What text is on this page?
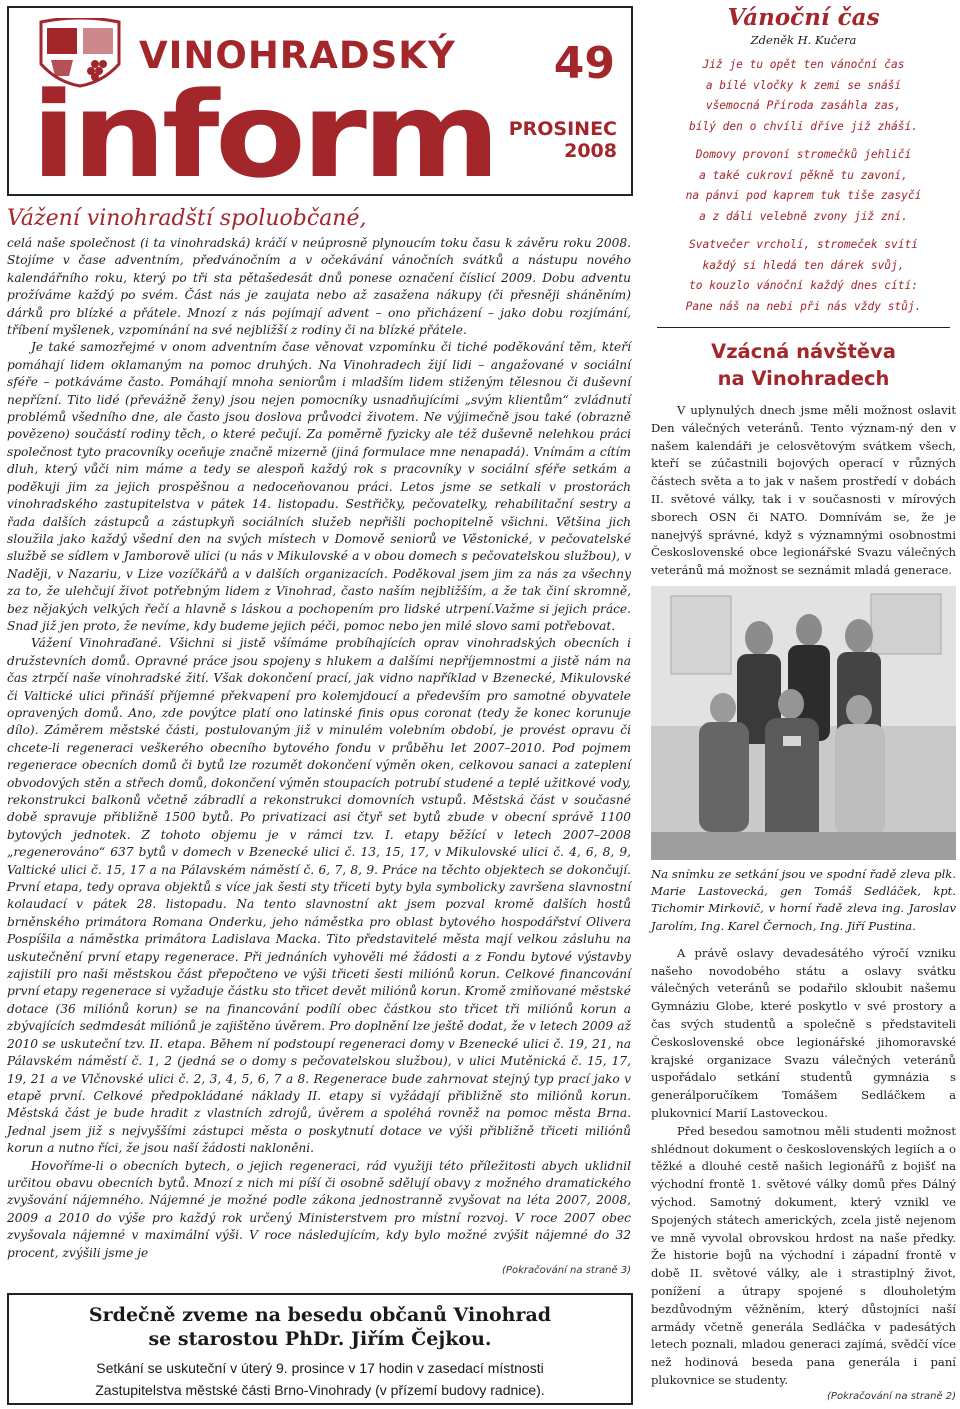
VINOHRADSKÝ
inform
49
PROSINEC
2008
Vážení vinohradští spoluobčané,

celá naše společnost (i ta vinohradská) kráčí v neúprosně plynoucím toku času k závěru roku 2008. Stojíme v čase adventním, předvánočním a v očekávání vánočních svátků a nástupu nového kalendářního roku, který po tři sta pětašedesát dnů ponese označení číslicí 2009. Dobu adventu prožíváme každý po svém. Část nás je zaujata nebo až zasažena nákupy (či přesněji sháněním) dárků pro blízké a přátele. Mnozí z nás pojímají advent – ono přicházení – jako dobu rozjímání, tříbení myšlenek, vzpomínání na své nejbližší z rodiny či na blízké přátele.

Je také samozřejmé v onom adventním čase věnovat vzpomínku či tiché poděkování těm, kteří pomáhají lidem oklamaným na pomoc druhých. Na Vinohradech žijí lidi – angažované v sociální sféře – potkáváme často. Pomáhají mnoha seniorům i mladším lidem stiženým tělesnou či duševní nepřízní. Tito lidé (převážně ženy) jsou nejen pomocníky usnadňujícími „svým klientům“ zvládnutí problémů všedního dne, ale často jsou doslova průvodci životem. Ne výjimečně jsou také (obrazně povězeno) součástí rodiny těch, o které pečují. Za poměrně fyzicky ale též duševně nelehkou práci společnost tyto pracovníky oceňuje značně mizerně (jiná formulace mne nenapadá). Vnímám a cítím dluh, který vůči nim máme a tedy se alespoň každý rok s pracovníky v sociální sféře setkám a poděkuji jim za jejich prospěšnou a nedoceňovanou práci. Letos jsme se setkali v prostorách vinohradského zastupitelstva v pátek 14. listopadu. Sestřičky, pečovatelky, rehabilitační sestry a řada dalších zástupců a zástupkyň sociálních služeb nepřišli pochopitelně všichni. Většina jich sloužila jako každý všední den na svých místech v Domově seniorů ve Věstonické, v pečovatelské službě se sídlem v Jamborově ulici (u nás v Mikulovské a v obou domech s pečovatelskou službou), v Naději, v Nazariu, v Lize vozíčkářů a v dalších organizacích. Poděkoval jsem jim za nás za všechny za to, že ulehčují život potřebným lidem z Vinohrad, často naším nejbližším, a že tak činí skromně, bez nějakých velkých řečí a hlavně s láskou a pochopením pro lidské utrpení.Važme si jejich práce. Snad již jen proto, že nevíme, kdy budeme jejich péči, pomoc nebo jen milé slovo sami potřebovat.

Vážení Vinohraďané. Všichni si jistě všímáme probíhajících oprav vinohradských obecních i družstevních domů. Opravné práce jsou spojeny s hlukem a dalšími nepříjemnostmi a jistě nám na čas ztrpčí naše vinohradské žití. Však dokončení prací, jak vidno například v Bzenecké, Mikulovské či Valtické ulici přináší příjemné překvapení pro kolemjdoucí a především pro samotné obyvatele opravených domů. Ano, zde povýtce platí ono latinské finis opus coronat (tedy že konec korunuje dílo). Záměrem městské části, postulovaným již v minulém volebním období, je provést opravu či chcete-li regeneraci veškerého obecního bytového fondu v průběhu let 2007–2010. Pod pojmem regenerace obecních domů či bytů lze rozumět dokončení výměn oken, celkovou sanaci a zateplení obvodových stěn a střech domů, dokončení výměn stoupacích potrubí studené a teplé užitkové vody, rekonstrukci balkonů včetně zábradlí a rekonstrukci domovních vstupů. Městská část v současné době spravuje přibližně 1500 bytů. Po privatizaci asi čtyř set bytů zbude v obecní správě 1100 bytových jednotek. Z tohoto objemu je v rámci tzv. I. etapy běžící v letech 2007–2008 „regenerováno“ 637 bytů v domech v Bzenecké ulici č. 13, 15, 17, v Mikulovské ulici č. 4, 6, 8, 9, Valtické ulici č. 15, 17 a na Pálavském náměstí č. 6, 7, 8, 9. Práce na těchto objektech se dokončují. První etapa, tedy oprava objektů s více jak šesti sty třiceti byty byla symbolicky završena slavnostní kolaudací v pátek 28. listopadu. Na tento slavnostní akt jsem pozval kromě dalších hostů brněnského primátora Romana Onderku, jeho náměstka pro oblast bytového hospodářství Olivera Pospíšila a náměstka primátora Ladislava Macka. Tito představitelé města mají velkou zásluhu na uskutečnění první etapy regenerace. Při jednáních vyhověli mé žádosti a z Fondu bytové výstavby zajistili pro naši městskou část přepočteno ve výši třiceti šesti miliónů korun. Celkové financování první etapy regenerace si vyžaduje částku sto třicet devět miliónů korun. Kromě zmiňované městské dotace (36 miliónů korun) se na financování podílí obec částkou sto třicet tři miliónů korun a zbývajících sedmdesát miliónů je zajištěno úvěrem. Pro doplnění lze ještě dodat, že v letech 2009 až 2010 se uskuteční tzv. II. etapa. Během ní podstoupí regeneraci domy v Bzenecké ulici č. 19, 21, na Pálavském náměstí č. 1, 2 (jedná se o domy s pečovatelskou službou), v ulici Mutěnická č. 15, 17, 19, 21 a ve Vlčnovské ulici č. 2, 3, 4, 5, 6, 7 a 8. Regenerace bude zahrnovat stejný typ prací jako v etapě první. Celkové předpokládané náklady II. etapy si vyžádají přibližně sto miliónů korun. Městská část je bude hradit z vlastních zdrojů, úvěrem a spoléhá rovněž na pomoc města Brna. Jednal jsem již s nejvyššími zástupci města o poskytnutí dotace ve výši přibližně třiceti miliónů korun a nutno říci, že jsou naší žádosti nakloněni.

Hovoříme-li o obecních bytech, o jejich regeneraci, rád využiji této příležitosti abych uklidnil určitou obavu obecních bytů. Mnozí z nich mi píší či osobně sdělují obavy z možného dramatického zvyšování nájemného. Nájemné je možné podle zákona jednostranně zvyšovat na léta 2007, 2008, 2009 a 2010 do výše pro každý rok určený Ministerstvem pro místní rozvoj. V roce 2007 obec zvyšovala nájemné v maximální výši. V roce následujícím, kdy bylo možné zvýšit nájemné do 32 procent, zvýšili jsme je

(Pokračování na straně 3)
Srdečně zveme na besedu občanů Vinohrad
se starostou PhDr. Jiřím Čejkou.
Setkání se uskuteční v úterý 9. prosince v 17 hodin v zasedací místnosti
Zastupitelstva městské části Brno-Vinohrady (v přízemí budovy radnice).
Vánoční čas
Zdeněk H. Kučera
Již je tu opět ten vánoční čas
a bílé vločky k zemi se snáší
všemocná Příroda zasáhla zas,
bílý den o chvíli dříve již zháší.
Domovy provoní stromečků jehličí
a také cukroví pěkně tu zavoní,
na pánvi pod kaprem tuk tiše zasyčí
a z dáli velebně zvony již zní.
Svatvečer vrcholí, stromeček svítí
každý si hledá ten dárek svůj,
to kouzlo vánoční každý dnes cítí:
Pane náš na nebi při nás vždy stůj.
Vzácná návštěva
na Vinohradech

V uplynulých dnech jsme měli možnost oslavit Den válečných veteránů. Tento význam-ný den v našem kalendáři je celosvětovým svátkem všech, kteří se zúčastnili bojových operací v různých částech světa a to jak v našem prostředí v dobách II. světové války, tak i v současnosti v mírových sborech OSN či NATO. Domnívám se, že je nanejvýš správné, když s významnými osobnostmi Československé obce legionářské Svazu válečných veteránů má možnost se seznámit mladá generace.

Na snímku ze setkání jsou ve spodní řadě zleva plk. Marie Lastovecká, gen Tomáš Sedláček, kpt. Tichomir Mirkovič, v horní řadě zleva ing. Jaroslav Jarolím, Ing. Karel Černoch, Ing. Jiří Pustina.

A právě oslavy devadesátého výročí vzniku našeho novodobého státu a oslavy svátku válečných veteránů se podařilo skloubit našemu Gymnáziu Globe, které poskytlo v své prostory a čas svých studentů a společně s představiteli Československé obce legionářské jihomoravské krajské organizace Svazu válečných veteránů uspořádalo setkání studentů gymnázia s generálporučíkem Tomášem Sedláčkem a plukovnicí Marií Lastoveckou.

Před besedou samotnou měli studenti možnost shlédnout dokument o československých legiích a o těžké a dlouhé cestě našich legionářů z bojišť na východní frontě 1. světové války domů přes Dálný východ. Samotný dokument, který vznikl ve Spojených státech amerických, zcela jistě nejenom ve mně vyvolal obrovskou hrdost na naše předky. Že historie bojů na východní i západní frontě v době II. světové války, ale i strastiplný život, ponížení a útrapy spojené s dlouholetým bezdůvodným věžněním, který důstojníci naší armády včetně generála Sedláčka v padesátých letech poznali, mladou generaci zajímá, svědčí více než hodinová beseda pana generála i paní plukovnice se studenty.

(Pokračování na straně 2)
